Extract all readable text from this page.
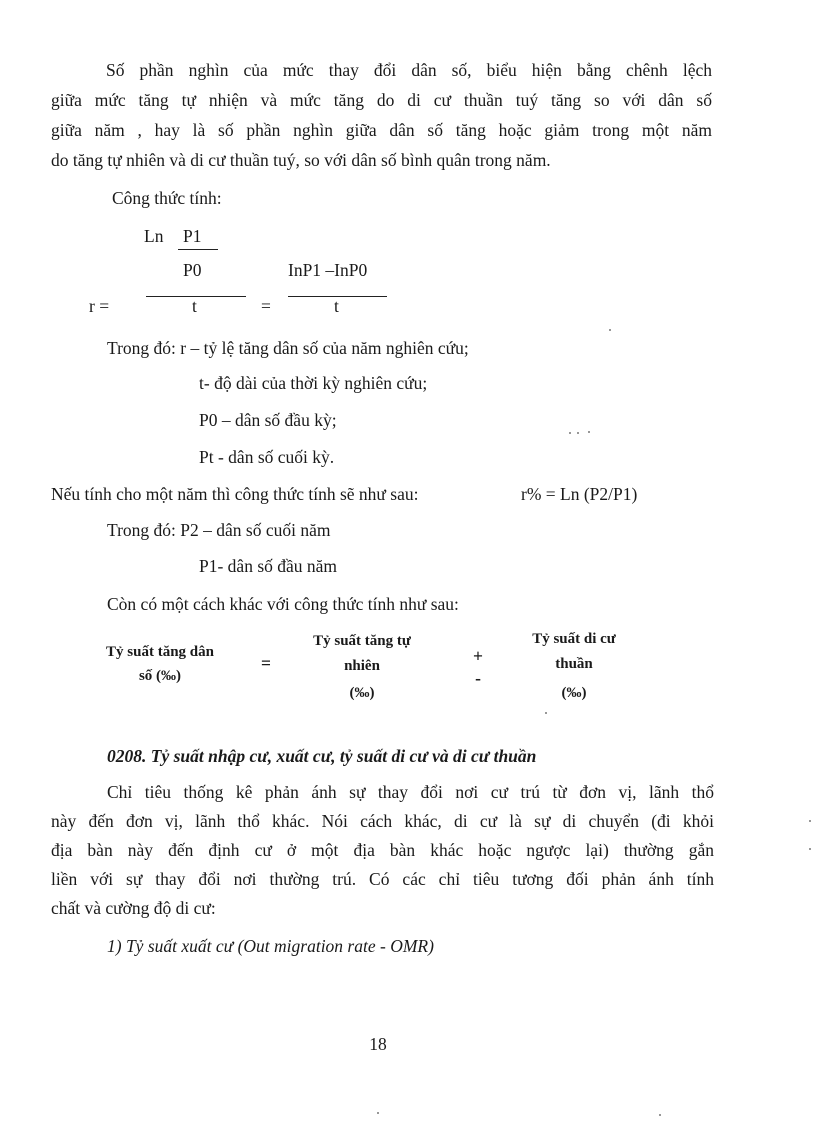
Số phần nghìn của mức thay đổi dân số, biểu hiện bằng chênh lệch
giữa mức tăng tự nhiện và mức tăng do di cư thuần tuý tăng so với dân số
giữa năm , hay là số phần nghìn giữa dân số tăng hoặc giảm trong một năm
do tăng tự nhiên và di cư thuần tuý, so với dân số bình quân trong năm.
Công thức tính:
Ln P1
P0	InP1 –InP0
r =	t	=	t
Trong đó: r – tỷ lệ tăng dân số của năm nghiên cứu;
t- độ dài của thời kỳ nghiên cứu;
P0 – dân số đầu kỳ;
Pt - dân số cuối kỳ.
Nếu tính cho một năm thì công thức tính sẽ như sau:	r% = Ln (P2/P1)
Trong đó: P2 – dân số cuối năm
P1- dân số đầu năm
Còn có một cách khác với công thức tính như sau:
Tỷ suất tăng dân
số (‰)
=
Tỷ suất tăng tự
nhiên
(‰)
+
-
Tỷ suất di cư
thuần
(‰)
0208. Tỷ suất nhập cư, xuất cư, tỷ suất di cư và di cư thuần
Chỉ tiêu thống kê phản ánh sự thay đổi nơi cư trú từ đơn vị, lãnh thổ
này đến đơn vị, lãnh thổ khác. Nói cách khác, di cư là sự di chuyển (đi khỏi
địa bàn này đến định cư ở một địa bàn khác hoặc ngược lại) thường gắn
liền với sự thay đổi nơi thường trú. Có các chỉ tiêu tương đối phản ánh tính
chất và cường độ di cư:
1) Tỷ suất xuất cư (Out migration rate - OMR)
18
